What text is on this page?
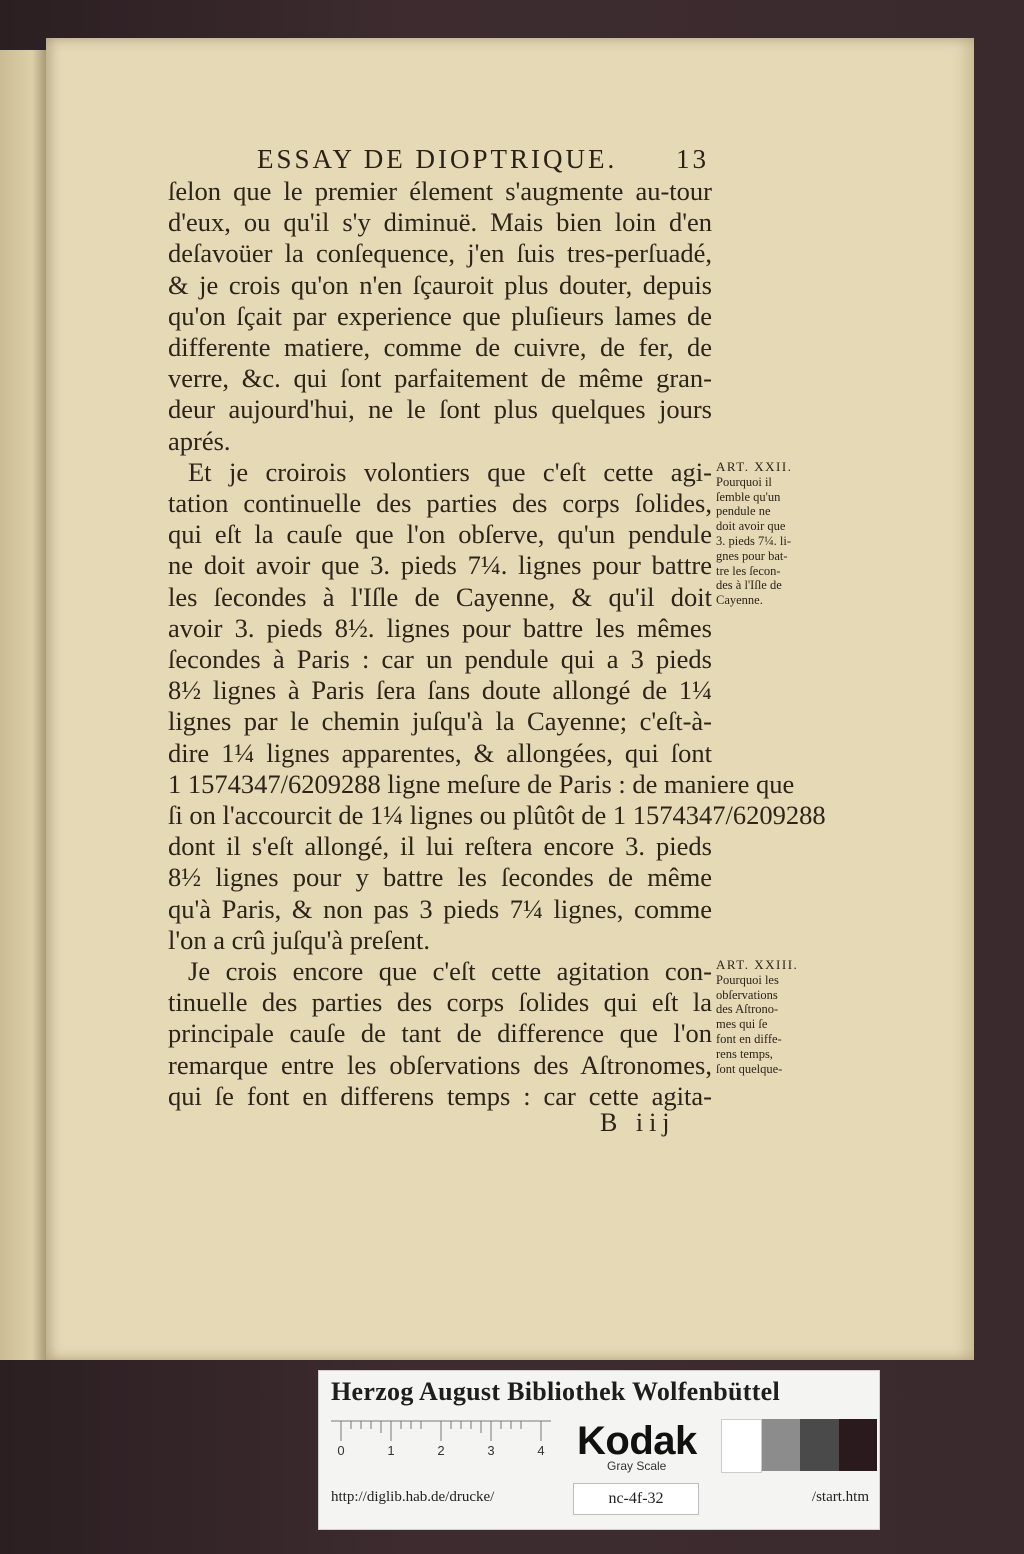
ESSAY DE DIOPTRIQUE. 13
ſelon que le premier élement s'augmente au-tour
d'eux, ou qu'il s'y diminuë. Mais bien loin d'en
deſavoüer la conſequence, j'en ſuis tres-perſuadé,
& je crois qu'on n'en ſçauroit plus douter, depuis
qu'on ſçait par experience que pluſieurs lames de
differente matiere, comme de cuivre, de fer, de
verre, &c. qui ſont parfaitement de même gran-
deur aujourd'hui, ne le ſont plus quelques jours
aprés.
Et je croirois volontiers que c'eſt cette agi-
tation continuelle des parties des corps ſolides,
qui eſt la cauſe que l'on obſerve, qu'un pendule
ne doit avoir que 3. pieds 7¼. lignes pour battre
les ſecondes à l'Iſle de Cayenne, & qu'il doit
avoir 3. pieds 8½. lignes pour battre les mêmes
ſecondes à Paris : car un pendule qui a 3 pieds
8½ lignes à Paris ſera ſans doute allongé de 1¼
lignes par le chemin juſqu'à la Cayenne; c'eſt-à-
dire 1¼ lignes apparentes, & allongées, qui ſont
1 1574347/6209288 ligne meſure de Paris : de maniere que
ſi on l'accourcit de 1¼ lignes ou plûtôt de 1 1574347/6209288
dont il s'eſt allongé, il lui reſtera encore 3. pieds
8½ lignes pour y battre les ſecondes de même
qu'à Paris, & non pas 3 pieds 7¼ lignes, comme
l'on a crû juſqu'à preſent.
Je crois encore que c'eſt cette agitation con-
tinuelle des parties des corps ſolides qui eſt la
principale cauſe de tant de difference que l'on
remarque entre les obſervations des Aſtronomes,
qui ſe font en differens temps : car cette agita-
ART. XXII.
Pourquoi il
ſemble qu'un
pendule ne
doit avoir que
3. pieds 7¼. li-
gnes pour bat-
tre les ſecon-
des à l'Iſle de
Cayenne.
ART. XXIII.
Pourquoi les
obſervations
des Aſtrono-
mes qui ſe
font en diffe-
rens temps,
ſont quelque-
B iij
Herzog August Bibliothek Wolfenbüttel
0	1	2	3	4 Kodak
Gray Scale
http://diglib.hab.de/drucke/	nc-4f-32	/start.htm
